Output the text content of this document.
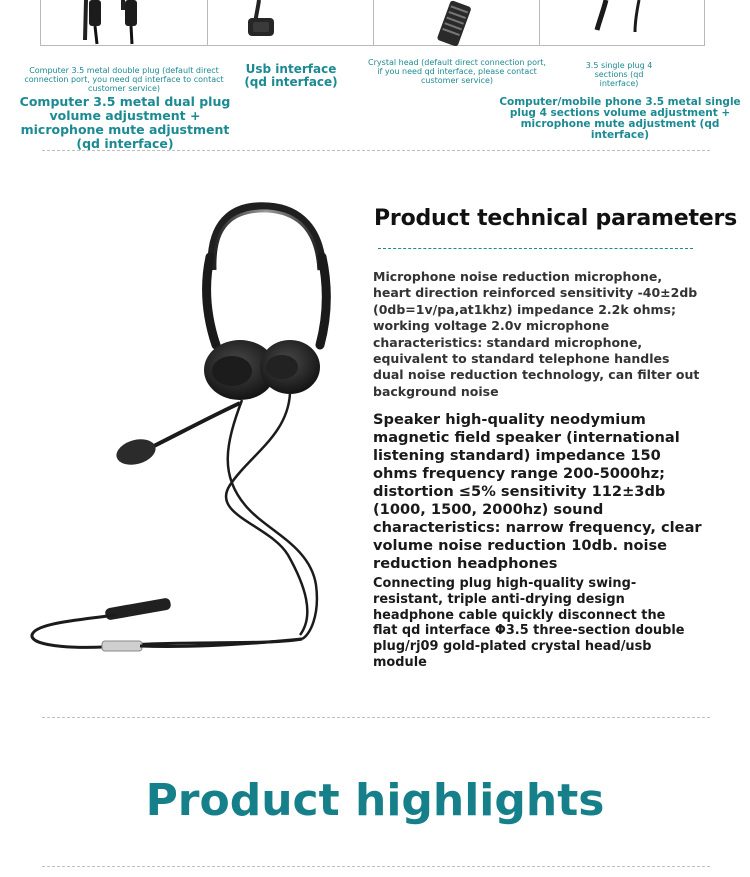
Computer 3.5 metal double plug (default direct connection port, you need qd interface to contact customer service)
Computer 3.5 metal dual plug volume adjustment + microphone mute adjustment (qd interface)
Usb interface (qd interface)
Crystal head (default direct connection port, if you need qd interface, please contact customer service)
3.5 single plug 4 sections (qd interface)
Computer/mobile phone 3.5 metal single plug 4 sections volume adjustment + microphone mute adjustment (qd interface)
Product technical parameters
Microphone noise reduction microphone, heart direction reinforced sensitivity -40±2db (0db=1v/pa,at1khz) impedance 2.2k ohms; working voltage 2.0v microphone characteristics: standard microphone, equivalent to standard telephone handles dual noise reduction technology, can filter out background noise
Speaker high-quality neodymium magnetic field speaker (international listening standard) impedance 150 ohms frequency range 200-5000hz; distortion ≤5% sensitivity 112±3db (1000, 1500, 2000hz) sound characteristics: narrow frequency, clear volume noise reduction 10db. noise reduction headphones
Connecting plug high-quality swing-resistant, triple anti-drying design headphone cable quickly disconnect the flat qd interface Φ3.5 three-section double plug/rj09 gold-plated crystal head/usb module
Product highlights
